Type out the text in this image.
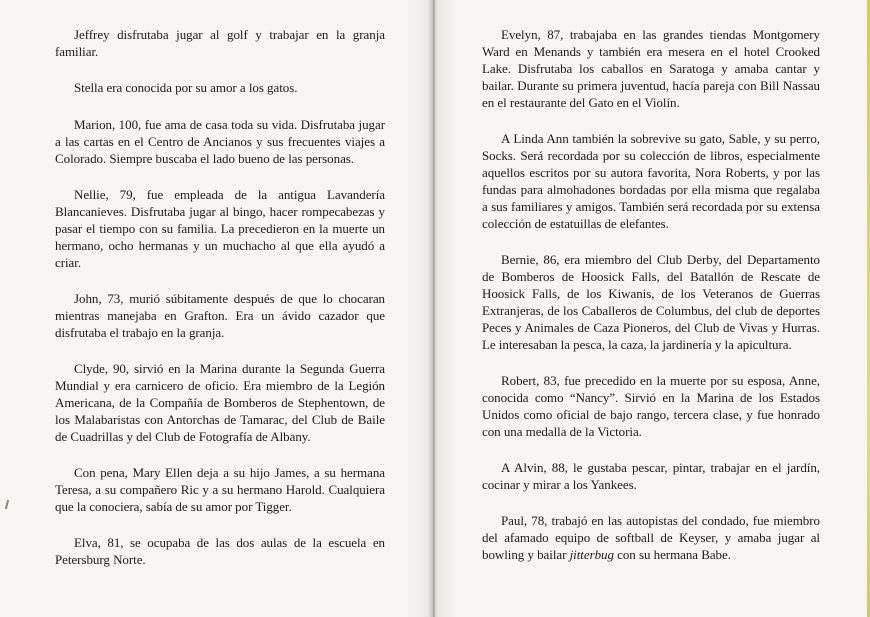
Jeffrey disfrutaba jugar al golf y trabajar en la granja familiar.

Stella era conocida por su amor a los gatos.

Marion, 100, fue ama de casa toda su vida. Disfrutaba jugar a las cartas en el Centro de Ancianos y sus frecuentes viajes a Colorado. Siempre buscaba el lado bueno de las personas.

Nellie, 79, fue empleada de la antigua Lavandería Blancanieves. Disfrutaba jugar al bingo, hacer rompecabezas y pasar el tiempo con su familia. La precedieron en la muerte un hermano, ocho hermanas y un muchacho al que ella ayudó a criar.

John, 73, murió súbitamente después de que lo chocaran mientras manejaba en Grafton. Era un ávido cazador que disfrutaba el trabajo en la granja.

Clyde, 90, sirvió en la Marina durante la Segunda Guerra Mundial y era carnicero de oficio. Era miembro de la Legión Americana, de la Compañía de Bomberos de Stephentown, de los Malabaristas con Antorchas de Tamarac, del Club de Baile de Cuadrillas y del Club de Fotografía de Albany.

Con pena, Mary Ellen deja a su hijo James, a su hermana Teresa, a su compañero Ric y a su hermano Harold. Cualquiera que la conociera, sabía de su amor por Tigger.

Elva, 81, se ocupaba de las dos aulas de la escuela en Petersburg Norte.

Evelyn, 87, trabajaba en las grandes tiendas Montgomery Ward en Menands y también era mesera en el hotel Crooked Lake. Disfrutaba los caballos en Saratoga y amaba cantar y bailar. Durante su primera juventud, hacía pareja con Bill Nassau en el restaurante del Gato en el Violín.

A Linda Ann también la sobrevive su gato, Sable, y su perro, Socks. Será recordada por su colección de libros, especialmente aquellos escritos por su autora favorita, Nora Roberts, y por las fundas para almohadones bordadas por ella misma que regalaba a sus familiares y amigos. También será recordada por su extensa colección de estatuillas de elefantes.

Bernie, 86, era miembro del Club Derby, del Departamento de Bomberos de Hoosick Falls, del Batallón de Rescate de Hoosick Falls, de los Kiwanis, de los Veteranos de Guerras Extranjeras, de los Caballeros de Columbus, del club de deportes Peces y Animales de Caza Pioneros, del Club de Vivas y Hurras. Le interesaban la pesca, la caza, la jardinería y la apicultura.

Robert, 83, fue precedido en la muerte por su esposa, Anne, conocida como “Nancy”. Sirvió en la Marina de los Estados Unidos como oficial de bajo rango, tercera clase, y fue honrado con una medalla de la Victoria.

A Alvin, 88, le gustaba pescar, pintar, trabajar en el jardín, cocinar y mirar a los Yankees.

Paul, 78, trabajó en las autopistas del condado, fue miembro del afamado equipo de softball de Keyser, y amaba jugar al bowling y bailar jitterbug con su hermana Babe.
